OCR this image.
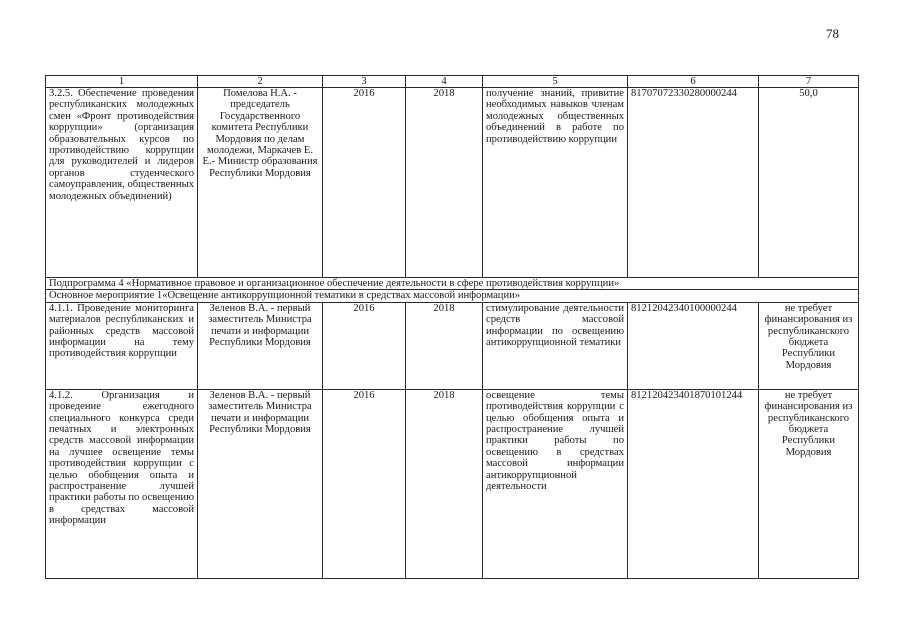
78
1	2	3	4	5	6	7
3.2.5. Обеспечение проведения республиканских молодежных смен «Фронт противодействия коррупции» (организация образовательных курсов по противодействию коррупции для руководителей и лидеров органов студенческого самоуправления, общественных молодежных объединений)	Помелова Н.А. - председатель Государственного комитета Республики Мордовия по делам молодежи, Маркачев Е. Е.- Министр образования Республики Мордовия	2016	2018	получение знаний, привитие необходимых навыков членам молодежных общественных объединений в работе по противодействию коррупции	81707072330280000244	50,0
Подпрограмма 4 «Нормативное правовое и организационное обеспечение деятельности в сфере противодействия коррупции»						
Основное мероприятие 1«Освещение антикоррупционной тематики в средствах массовой информации»						
4.1.1. Проведение мониторинга материалов республиканских и районных средств массовой информации на тему противодействия коррупции	Зеленов В.А. - первый заместитель Министра печати и информации Республики Мордовия	2016	2018	стимулирование деятельности средств массовой информации по освещению антикоррупционной тематики	81212042340100000244	не требует финансирования из республиканского бюджета Республики Мордовия
4.1.2. Организация и проведение ежегодного специального конкурса среди печатных и электронных средств массовой информации на лучшее освещение темы противодействия коррупции с целью обобщения опыта и распространение лучшей практики работы по освещению в средствах массовой информации	Зеленов В.А. - первый заместитель Министра печати и информации Республики Мордовия	2016	2018	освещение темы противодействия коррупции с целью обобщения опыта и распространение лучшей практики работы по освещению в средствах массовой информации антикоррупционной деятельности	812120423401870101244	не требует финансирования из республиканского бюджета Республики Мордовия
